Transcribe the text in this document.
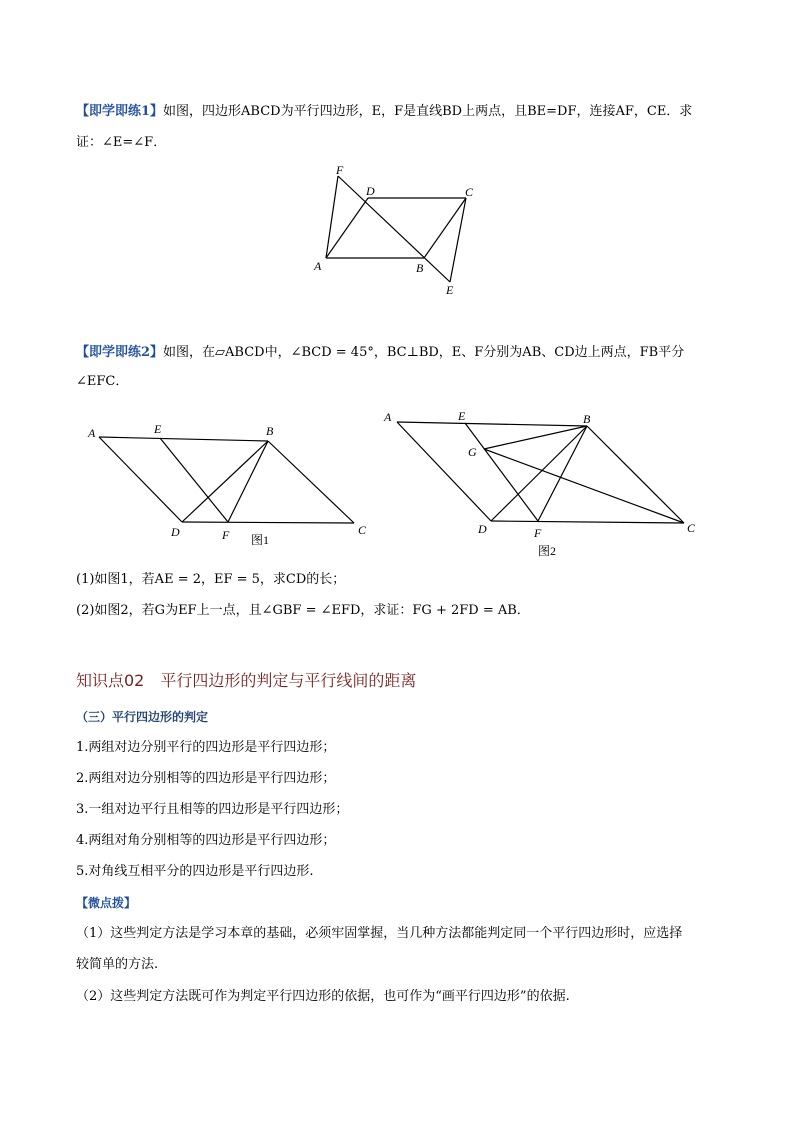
【即学即练1】如图，四边形ABCD为平行四边形，E，F是直线BD上两点，且BE=DF，连接AF，CE．求
证：∠E=∠F．
F
D	C
A	B
E
【即学即练2】如图，在▱ABCD中，∠BCD = 45°，BC⊥BD，E、F分别为AB、CD边上两点，FB平分
∠EFC．
A	E	B
D	F	C
图1
A	E	B
G
D	F	C
图2
(1)如图1，若AE = 2，EF = 5，求CD的长；
(2)如图2，若G为EF上一点，且∠GBF = ∠EFD，求证：FG + 2FD = AB．
知识点02　平行四边形的判定与平行线间的距离
（三）平行四边形的判定
1.两组对边分别平行的四边形是平行四边形；
2.两组对边分别相等的四边形是平行四边形；
3.一组对边平行且相等的四边形是平行四边形；
4.两组对角分别相等的四边形是平行四边形；
5.对角线互相平分的四边形是平行四边形.
【微点拨】
（1）这些判定方法是学习本章的基础，必须牢固掌握，当几种方法都能判定同一个平行四边形时，应选择
较简单的方法.
（2）这些判定方法既可作为判定平行四边形的依据，也可作为“画平行四边形”的依据.
